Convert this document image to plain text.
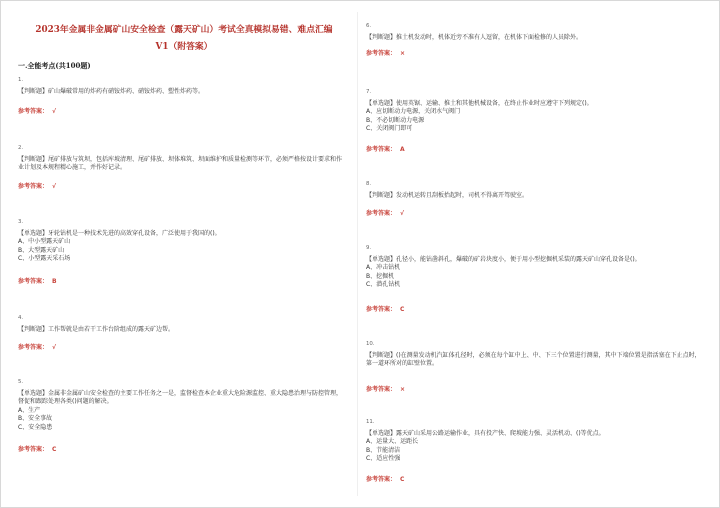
2023年金属非金属矿山安全检查（露天矿山）考试全真模拟易错、难点汇编
V1（附答案）
一.全能考点(共100题)
1.
【判断题】矿山爆破常用的炸药有硝铵炸药、硝铵炸药、塑性炸药等。
参考答案： √
2.
【判断题】尾矿排放与筑坝，包括库坡清理、尾矿排放、坝体堆筑、坝面维护和质量检测等环节，必须严格按设计要求和作业计划及本规程精心施工，并作好记录。
参考答案： √
3.
【单选题】牙轮钻机是一种技术先进的高效穿孔设备，广泛使用于我国的()。
A、中小型露天矿山
B、大型露天矿山
C、小型露天采石场
参考答案： B
4.
【判断题】工作帮就是由若干工作台阶组成的露天矿边帮。
参考答案： √
5.
【单选题】金属非金属矿山安全检查的主要工作任务之一是，监督检查本企业重大危险源监控、重大隐患治理与防控管理，督促和跟踪处理各类()问题的解决。
A、生产
B、安全事故
C、安全隐患
参考答案： C
6.
【判断题】推土机发动时，机体近旁不准有人逗留，在机体下面检修的人员除外。
参考答案： ×
7.
【单选题】使用英锯、运输、推土和其他机械设备，在终止作业时应遵守下列规定()。
A、应切断动力电源，关闭水气阀门
B、不必切断动力电源
C、关闭阀门即可
参考答案： A
8.
【判断题】发动机运转且刮板抬起时，司机不得离开驾驶室。
参考答案： √
9.
【单选题】孔径小，能钻凿斜孔，爆破的矿岩块度小，便于用小型挖掘机采装的露天矿山穿孔设备是()。
A、冲击钻机
B、挖掘机
C、潜孔钻机
参考答案： C
10.
【判断题】()在测量发动机汽缸体孔径时，必须在每个缸中上、中、下三个位置进行测量，其中下端位置是指活塞在下止点时，第一道环所对的缸壁位置。
参考答案： ×
11.
【单选题】露天矿山采用公路运输作业，具有投产快、爬坡能力强、灵活机动、()等优点。
A、运量大、运距长
B、节能清洁
C、适应性强
参考答案： C
